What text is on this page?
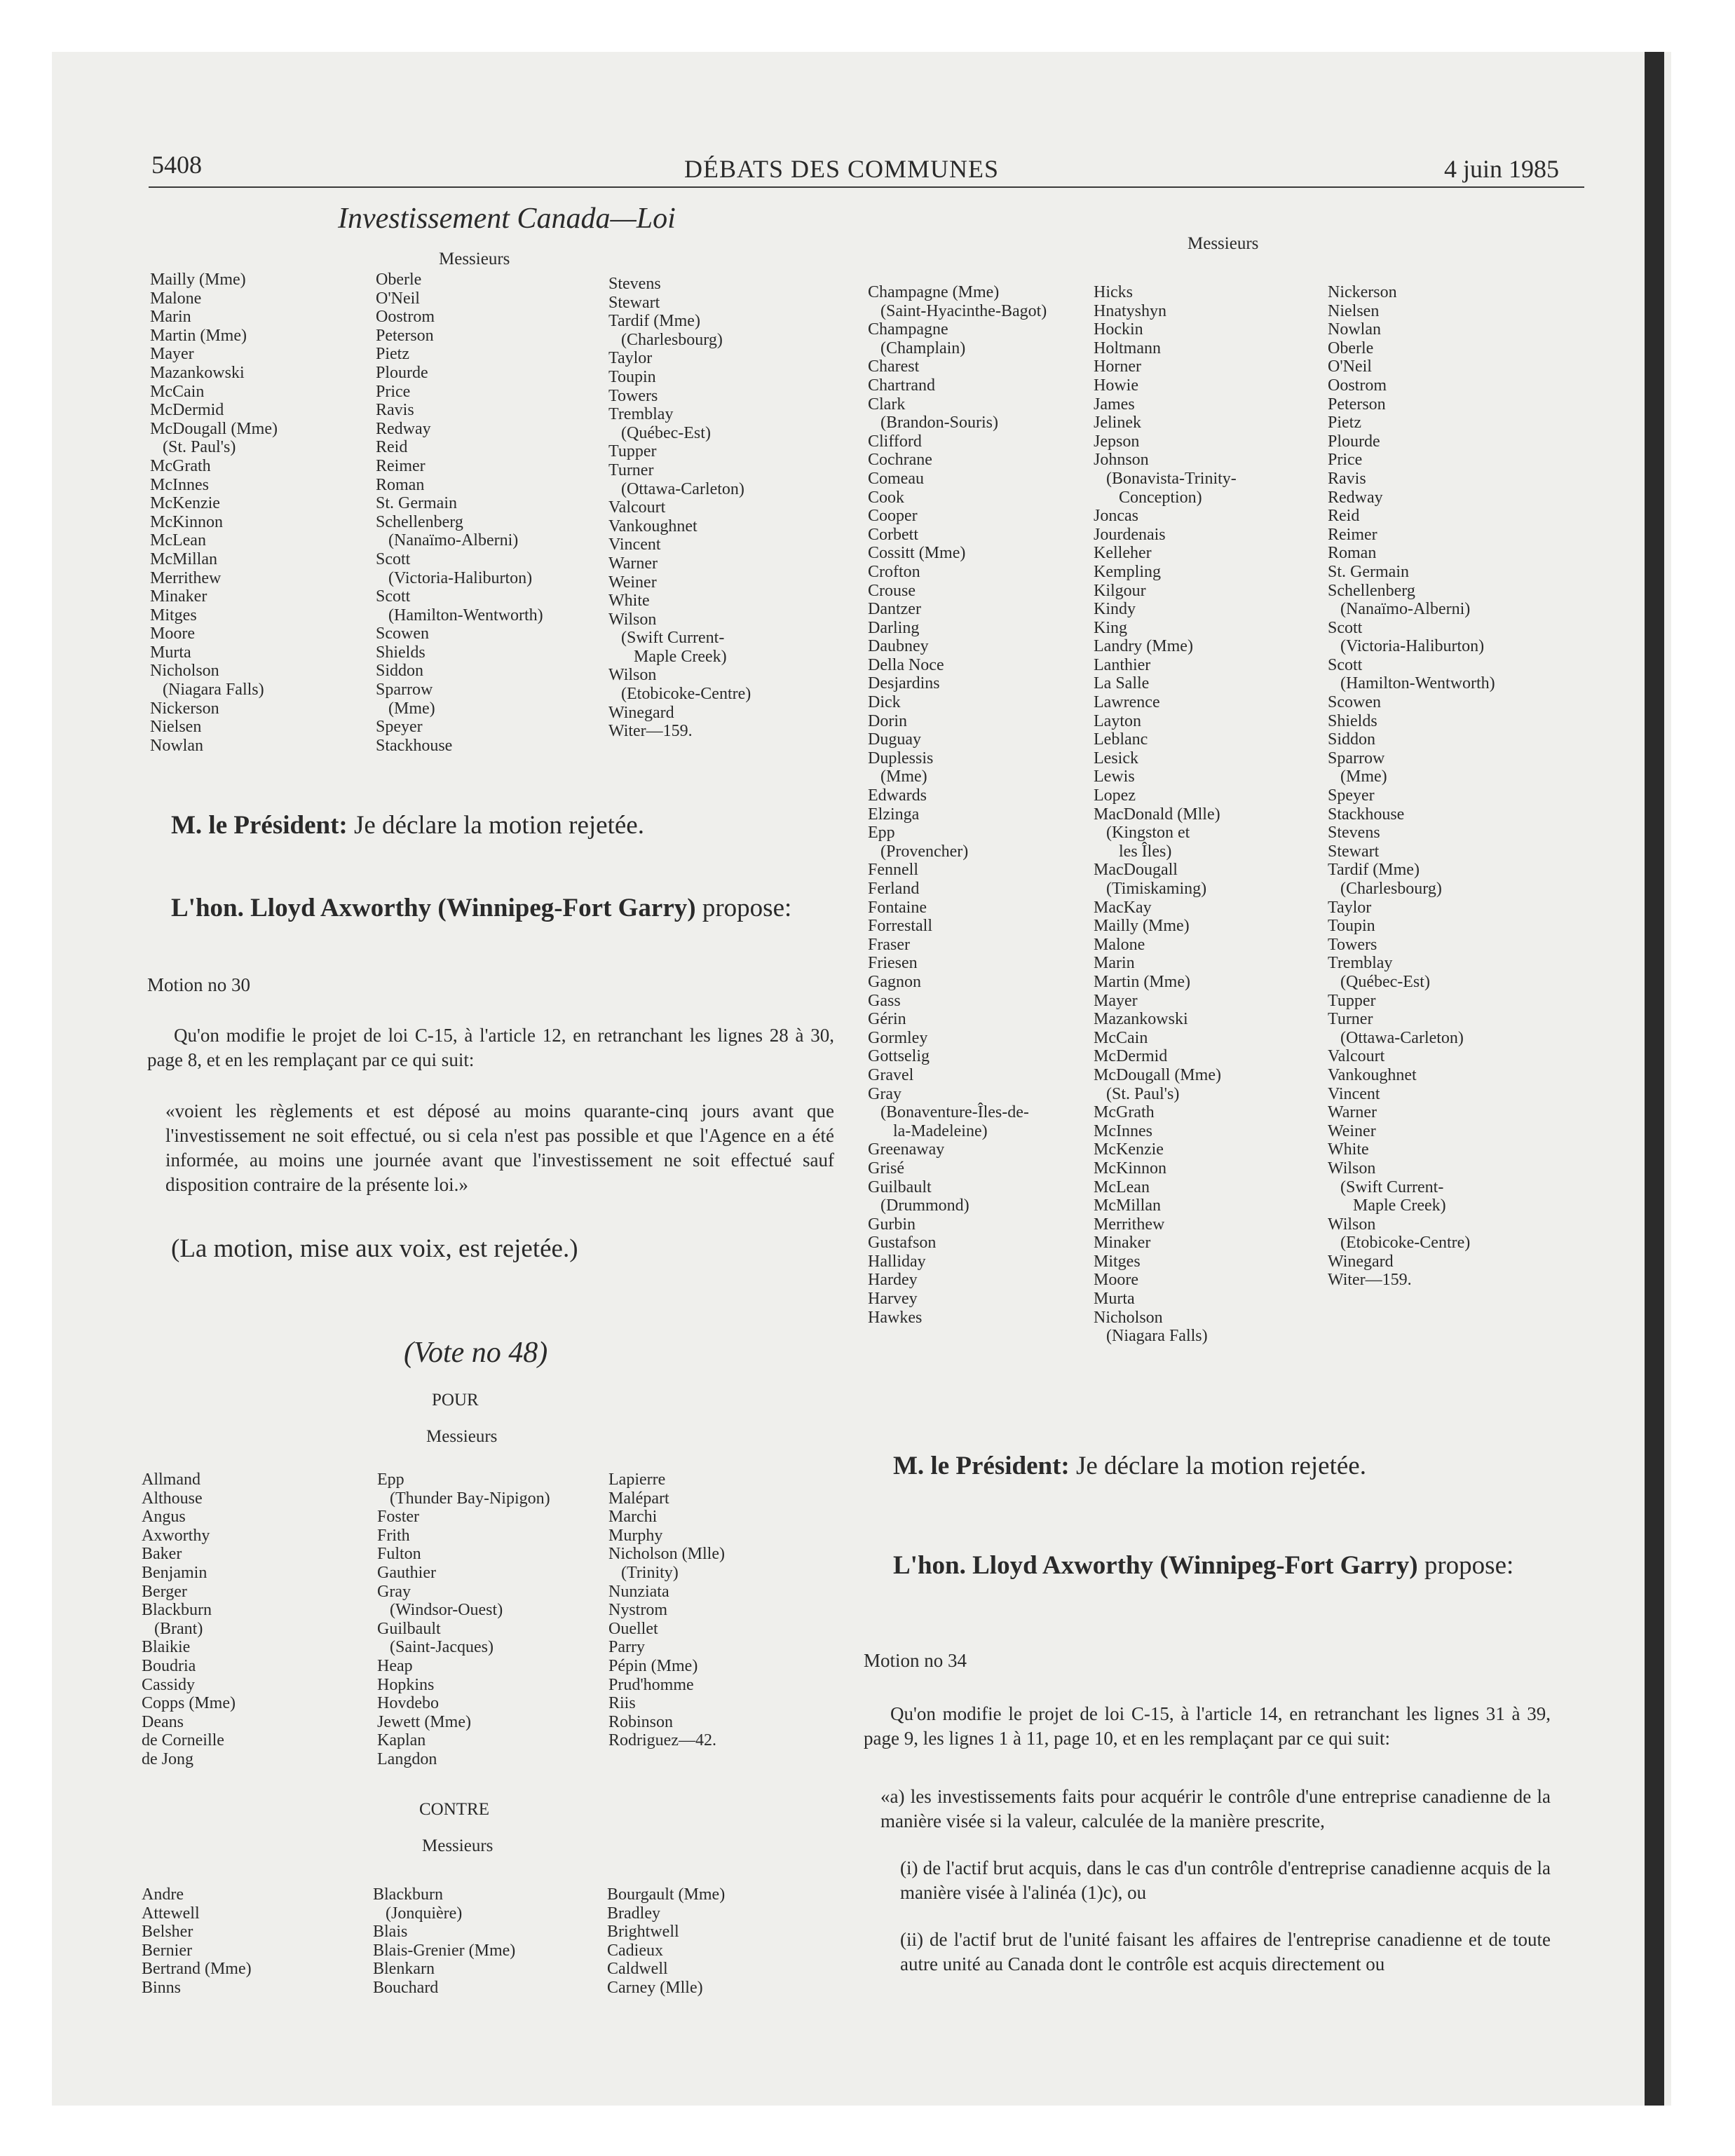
5408	DÉBATS DES COMMUNES	4 juin 1985
Investissement Canada—Loi
Messieurs
Mailly (Mme)
Malone
Marin
Martin (Mme)
Mayer
Mazankowski
McCain
McDermid
McDougall (Mme)
(St. Paul's)
McGrath
McInnes
McKenzie
McKinnon
McLean
McMillan
Merrithew
Minaker
Mitges
Moore
Murta
Nicholson
(Niagara Falls)
Nickerson
Nielsen
Nowlan
Oberle
O'Neil
Oostrom
Peterson
Pietz
Plourde
Price
Ravis
Redway
Reid
Reimer
Roman
St. Germain
Schellenberg
(Nanaïmo-Alberni)
Scott
(Victoria-Haliburton)
Scott
(Hamilton-Wentworth)
Scowen
Shields
Siddon
Sparrow
(Mme)
Speyer
Stackhouse
Stevens
Stewart
Tardif (Mme)
(Charlesbourg)
Taylor
Toupin
Towers
Tremblay
(Québec-Est)
Tupper
Turner
(Ottawa-Carleton)
Valcourt
Vankoughnet
Vincent
Warner
Weiner
White
Wilson
(Swift Current-
Maple Creek)
Wilson
(Etobicoke-Centre)
Winegard
Witer—159.
M. le Président: Je déclare la motion rejetée.
L'hon. Lloyd Axworthy (Winnipeg-Fort Garry) propose:
Motion no 30
Qu'on modifie le projet de loi C-15, à l'article 12, en retranchant les lignes 28 à 30, page 8, et en les remplaçant par ce qui suit:
«voient les règlements et est déposé au moins quarante-cinq jours avant que l'investissement ne soit effectué, ou si cela n'est pas possible et que l'Agence en a été informée, au moins une journée avant que l'investissement ne soit effectué sauf disposition contraire de la présente loi.»
(La motion, mise aux voix, est rejetée.)
(Vote no 48)
POUR
Messieurs
Allmand
Althouse
Angus
Axworthy
Baker
Benjamin
Berger
Blackburn
(Brant)
Blaikie
Boudria
Cassidy
Copps (Mme)
Deans
de Corneille
de Jong
Epp
(Thunder Bay-Nipigon)
Foster
Frith
Fulton
Gauthier
Gray
(Windsor-Ouest)
Guilbault
(Saint-Jacques)
Heap
Hopkins
Hovdebo
Jewett (Mme)
Kaplan
Langdon
Lapierre
Malépart
Marchi
Murphy
Nicholson (Mlle)
(Trinity)
Nunziata
Nystrom
Ouellet
Parry
Pépin (Mme)
Prud'homme
Riis
Robinson
Rodriguez—42.
CONTRE
Messieurs
Andre
Attewell
Belsher
Bernier
Bertrand (Mme)
Binns
Blackburn
(Jonquière)
Blais
Blais-Grenier (Mme)
Blenkarn
Bouchard
Bourgault (Mme)
Bradley
Brightwell
Cadieux
Caldwell
Carney (Mlle)
Messieurs
Champagne (Mme)
(Saint-Hyacinthe-Bagot)
Champagne
(Champlain)
Charest
Chartrand
Clark
(Brandon-Souris)
Clifford
Cochrane
Comeau
Cook
Cooper
Corbett
Cossitt (Mme)
Crofton
Crouse
Dantzer
Darling
Daubney
Della Noce
Desjardins
Dick
Dorin
Duguay
Duplessis
(Mme)
Edwards
Elzinga
Epp
(Provencher)
Fennell
Ferland
Fontaine
Forrestall
Fraser
Friesen
Gagnon
Gass
Gérin
Gormley
Gottselig
Gravel
Gray
(Bonaventure-Îles-de-
la-Madeleine)
Greenaway
Grisé
Guilbault
(Drummond)
Gurbin
Gustafson
Halliday
Hardey
Harvey
Hawkes
Hicks
Hnatyshyn
Hockin
Holtmann
Horner
Howie
James
Jelinek
Jepson
Johnson
(Bonavista-Trinity-
Conception)
Joncas
Jourdenais
Kelleher
Kempling
Kilgour
Kindy
King
Landry (Mme)
Lanthier
La Salle
Lawrence
Layton
Leblanc
Lesick
Lewis
Lopez
MacDonald (Mlle)
(Kingston et
les Îles)
MacDougall
(Timiskaming)
MacKay
Mailly (Mme)
Malone
Marin
Martin (Mme)
Mayer
Mazankowski
McCain
McDermid
McDougall (Mme)
(St. Paul's)
McGrath
McInnes
McKenzie
McKinnon
McLean
McMillan
Merrithew
Minaker
Mitges
Moore
Murta
Nicholson
(Niagara Falls)
Nickerson
Nielsen
Nowlan
Oberle
O'Neil
Oostrom
Peterson
Pietz
Plourde
Price
Ravis
Redway
Reid
Reimer
Roman
St. Germain
Schellenberg
(Nanaïmo-Alberni)
Scott
(Victoria-Haliburton)
Scott
(Hamilton-Wentworth)
Scowen
Shields
Siddon
Sparrow
(Mme)
Speyer
Stackhouse
Stevens
Stewart
Tardif (Mme)
(Charlesbourg)
Taylor
Toupin
Towers
Tremblay
(Québec-Est)
Tupper
Turner
(Ottawa-Carleton)
Valcourt
Vankoughnet
Vincent
Warner
Weiner
White
Wilson
(Swift Current-
Maple Creek)
Wilson
(Etobicoke-Centre)
Winegard
Witer—159.
M. le Président: Je déclare la motion rejetée.
L'hon. Lloyd Axworthy (Winnipeg-Fort Garry) propose:
Motion no 34
Qu'on modifie le projet de loi C-15, à l'article 14, en retranchant les lignes 31 à 39, page 9, les lignes 1 à 11, page 10, et en les remplaçant par ce qui suit:
«a) les investissements faits pour acquérir le contrôle d'une entreprise canadienne de la manière visée si la valeur, calculée de la manière prescrite,
(i) de l'actif brut acquis, dans le cas d'un contrôle d'entreprise canadienne acquis de la manière visée à l'alinéa (1)c), ou
(ii) de l'actif brut de l'unité faisant les affaires de l'entreprise canadienne et de toute autre unité au Canada dont le contrôle est acquis directement ou
